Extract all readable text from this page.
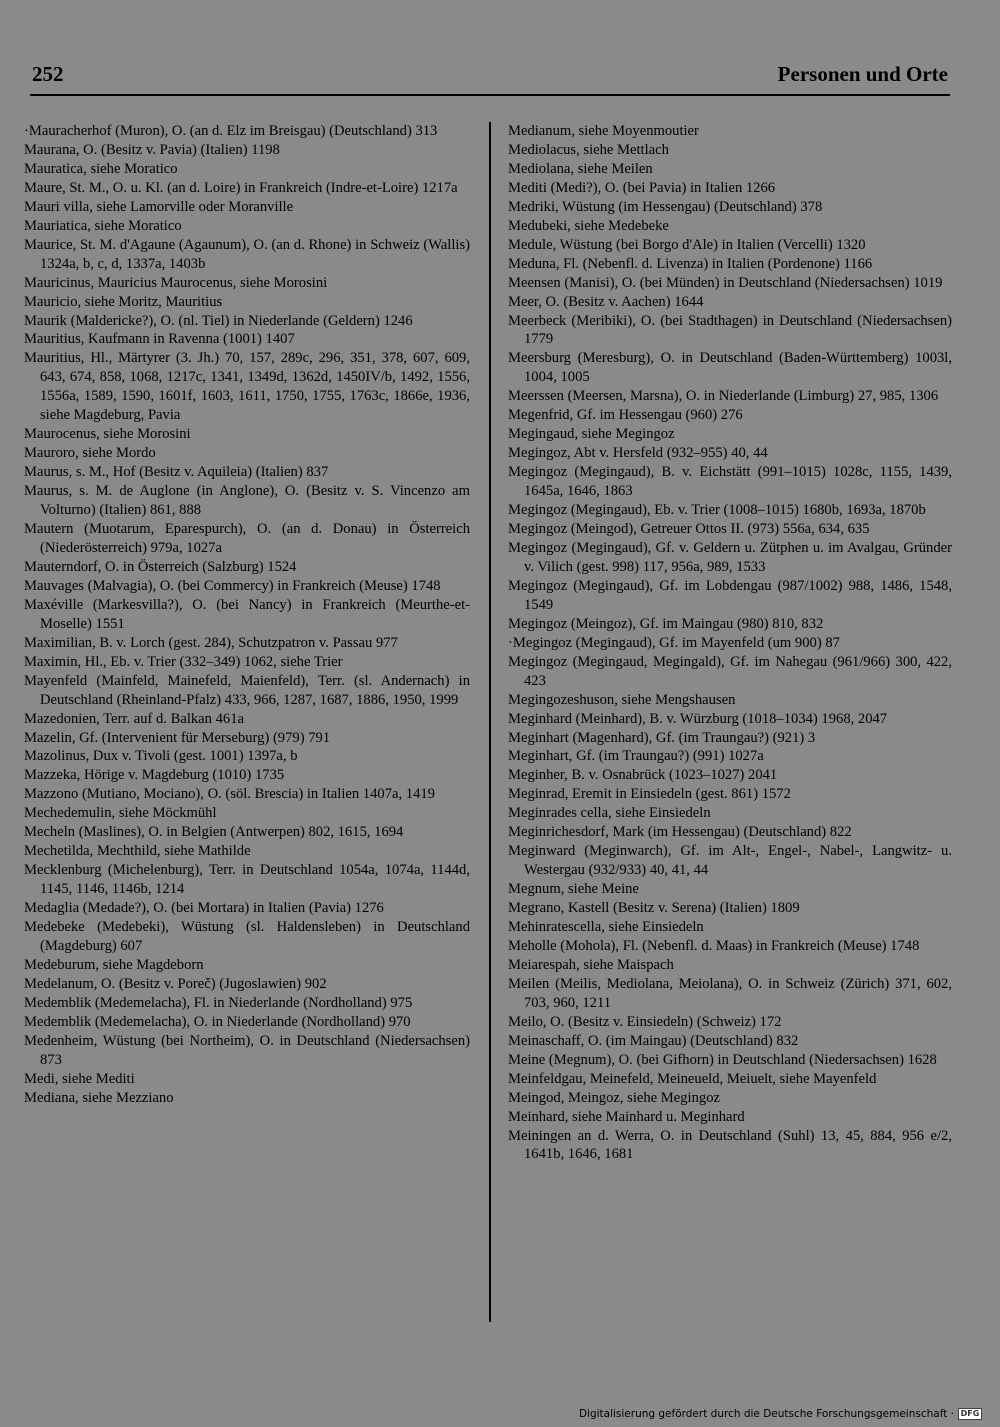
252	Personen und Orte

·Mauracherhof (Muron), O. (an d. Elz im Breisgau) (Deutschland) 313

Maurana, O. (Besitz v. Pavia) (Italien) 1198

Mauratica, siehe Moratico

Maure, St. M., O. u. Kl. (an d. Loire) in Frankreich (Indre-et-Loire) 1217a

Mauri villa, siehe Lamorville oder Moranville

Mauriatica, siehe Moratico

Maurice, St. M. d'Agaune (Agaunum), O. (an d. Rhone) in Schweiz (Wallis) 1324a, b, c, d, 1337a, 1403b

Mauricinus, Mauricius Maurocenus, siehe Morosini

Mauricio, siehe Moritz, Mauritius

Maurik (Maldericke?), O. (nl. Tiel) in Niederlande (Geldern) 1246

Mauritius, Kaufmann in Ravenna (1001) 1407

Mauritius, Hl., Märtyrer (3. Jh.) 70, 157, 289c, 296, 351, 378, 607, 609, 643, 674, 858, 1068, 1217c, 1341, 1349d, 1362d, 1450IV/b, 1492, 1556, 1556a, 1589, 1590, 1601f, 1603, 1611, 1750, 1755, 1763c, 1866e, 1936, siehe Magdeburg, Pavia

Maurocenus, siehe Morosini

Mauroro, siehe Mordo

Maurus, s. M., Hof (Besitz v. Aquileia) (Italien) 837

Maurus, s. M. de Auglone (in Anglone), O. (Besitz v. S. Vincenzo am Volturno) (Italien) 861, 888

Mautern (Muotarum, Eparespurch), O. (an d. Donau) in Österreich (Niederösterreich) 979a, 1027a

Mauterndorf, O. in Österreich (Salzburg) 1524

Mauvages (Malvagia), O. (bei Commercy) in Frankreich (Meuse) 1748

Maxéville (Markesvilla?), O. (bei Nancy) in Frankreich (Meurthe-et-Moselle) 1551

Maximilian, B. v. Lorch (gest. 284), Schutzpatron v. Passau 977

Maximin, Hl., Eb. v. Trier (332–349) 1062, siehe Trier

Mayenfeld (Mainfeld, Mainefeld, Maienfeld), Terr. (sl. Andernach) in Deutschland (Rheinland-Pfalz) 433, 966, 1287, 1687, 1886, 1950, 1999

Mazedonien, Terr. auf d. Balkan 461a

Mazelin, Gf. (Intervenient für Merseburg) (979) 791

Mazolinus, Dux v. Tivoli (gest. 1001) 1397a, b

Mazzeka, Hörige v. Magdeburg (1010) 1735

Mazzono (Mutiano, Mociano), O. (söl. Brescia) in Italien 1407a, 1419

Mechedemulin, siehe Möckmühl

Mecheln (Maslines), O. in Belgien (Antwerpen) 802, 1615, 1694

Mechetilda, Mechthild, siehe Mathilde

Mecklenburg (Michelenburg), Terr. in Deutschland 1054a, 1074a, 1144d, 1145, 1146, 1146b, 1214

Medaglia (Medade?), O. (bei Mortara) in Italien (Pavia) 1276

Medebeke (Medebeki), Wüstung (sl. Haldensleben) in Deutschland (Magdeburg) 607

Medeburum, siehe Magdeborn

Medelanum, O. (Besitz v. Poreč) (Jugoslawien) 902

Medemblik (Medemelacha), Fl. in Niederlande (Nordholland) 975

Medemblik (Medemelacha), O. in Niederlande (Nordholland) 970

Medenheim, Wüstung (bei Northeim), O. in Deutschland (Niedersachsen) 873

Medi, siehe Mediti

Mediana, siehe Mezziano

Medianum, siehe Moyenmoutier

Mediolacus, siehe Mettlach

Mediolana, siehe Meilen

Mediti (Medi?), O. (bei Pavia) in Italien 1266

Medriki, Wüstung (im Hessengau) (Deutschland) 378

Medubeki, siehe Medebeke

Medule, Wüstung (bei Borgo d'Ale) in Italien (Vercelli) 1320

Meduna, Fl. (Nebenfl. d. Livenza) in Italien (Pordenone) 1166

Meensen (Manisi), O. (bei Münden) in Deutschland (Niedersachsen) 1019

Meer, O. (Besitz v. Aachen) 1644

Meerbeck (Meribiki), O. (bei Stadthagen) in Deutschland (Niedersachsen) 1779

Meersburg (Meresburg), O. in Deutschland (Baden-Württemberg) 1003l, 1004, 1005

Meerssen (Meersen, Marsna), O. in Niederlande (Limburg) 27, 985, 1306

Megenfrid, Gf. im Hessengau (960) 276

Megingaud, siehe Megingoz

Megingoz, Abt v. Hersfeld (932–955) 40, 44

Megingoz (Megingaud), B. v. Eichstätt (991–1015) 1028c, 1155, 1439, 1645a, 1646, 1863

Megingoz (Megingaud), Eb. v. Trier (1008–1015) 1680b, 1693a, 1870b

Megingoz (Meingod), Getreuer Ottos II. (973) 556a, 634, 635

Megingoz (Megingaud), Gf. v. Geldern u. Zütphen u. im Avalgau, Gründer v. Vilich (gest. 998) 117, 956a, 989, 1533

Megingoz (Megingaud), Gf. im Lobdengau (987/1002) 988, 1486, 1548, 1549

Megingoz (Meingoz), Gf. im Maingau (980) 810, 832

·Megingoz (Megingaud), Gf. im Mayenfeld (um 900) 87

Megingoz (Megingaud, Megingald), Gf. im Nahegau (961/966) 300, 422, 423

Megingozeshuson, siehe Mengshausen

Meginhard (Meinhard), B. v. Würzburg (1018–1034) 1968, 2047

Meginhart (Magenhard), Gf. (im Traungau?) (921) 3

Meginhart, Gf. (im Traungau?) (991) 1027a

Meginher, B. v. Osnabrück (1023–1027) 2041

Meginrad, Eremit in Einsiedeln (gest. 861) 1572

Meginrades cella, siehe Einsiedeln

Meginrichesdorf, Mark (im Hessengau) (Deutschland) 822

Meginward (Meginwarch), Gf. im Alt-, Engel-, Nabel-, Langwitz- u. Westergau (932/933) 40, 41, 44

Megnum, siehe Meine

Megrano, Kastell (Besitz v. Serena) (Italien) 1809

Mehinratescella, siehe Einsiedeln

Meholle (Mohola), Fl. (Nebenfl. d. Maas) in Frankreich (Meuse) 1748

Meiarespah, siehe Maispach

Meilen (Meilis, Mediolana, Meiolana), O. in Schweiz (Zürich) 371, 602, 703, 960, 1211

Meilo, O. (Besitz v. Einsiedeln) (Schweiz) 172

Meinaschaff, O. (im Maingau) (Deutschland) 832

Meine (Megnum), O. (bei Gifhorn) in Deutschland (Niedersachsen) 1628

Meinfeldgau, Meinefeld, Meineueld, Meiuelt, siehe Mayenfeld

Meingod, Meingoz, siehe Megingoz

Meinhard, siehe Mainhard u. Meginhard

Meiningen an d. Werra, O. in Deutschland (Suhl) 13, 45, 884, 956 e/2, 1641b, 1646, 1681

Digitalisierung gefördert durch die Deutsche Forschungsgemeinschaft · DFG
